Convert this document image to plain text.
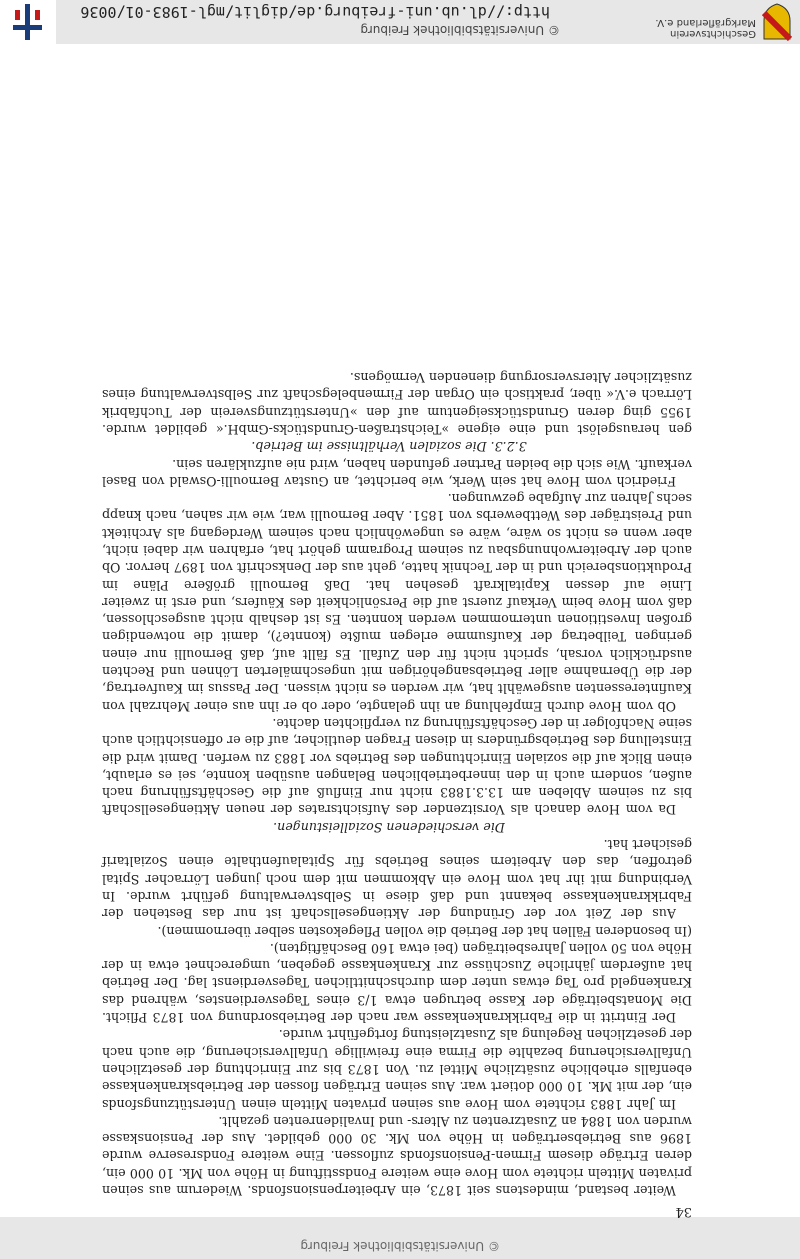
© Universitätsbibliothek Freiburg
34

Weiter bestand, mindestens seit 1873, ein Arbeiterpensionsfonds. Wiederum aus seinen privaten Mitteln richtete vom Hove eine weitere Fondsstiftung in Höhe von Mk. 10 000 ein, deren Erträge diesem Firmen-Pensionsfonds zuflossen. Eine weitere Fondsreserve wurde 1896 aus Betriebserträgen in Höhe von Mk. 30 000 gebildet. Aus der Pensionskasse wurden von 1884 an Zusatzrenten zu Alters- und Invalidenrenten gezahlt.

Im Jahr 1883 richtete vom Hove aus seinen privaten Mitteln einen Unterstützungsfonds ein, der mit Mk. 10 000 dotiert war. Aus seinen Erträgen flossen der Betriebskrankenkasse ebenfalls erhebliche zusätzliche Mittel zu. Von 1873 bis zur Einrichtung der gesetzlichen Unfallversicherung bezahlte die Firma eine freiwillige Unfallversicherung, die auch nach der gesetzlichen Regelung als Zusatzleistung fortgeführt wurde.

Der Eintritt in die Fabrikkrankenkasse war nach der Betriebsordnung von 1873 Pflicht. Die Monatsbeiträge der Kasse betrugen etwa 1/3 eines Tagesverdienstes, während das Krankengeld pro Tag etwas unter dem durchschnittlichen Tagesverdienst lag. Der Betrieb hat außerdem jährliche Zuschüsse zur Krankenkasse gegeben, umgerechnet etwa in der Höhe von 50 vollen Jahresbeiträgen (bei etwa 160 Beschäftigten).

(In besonderen Fällen hat der Betrieb die vollen Pflegekosten selber übernommen).

Aus der Zeit vor der Gründung der Aktiengesellschaft ist nur das Bestehen der Fabrikkrankenkasse bekannt und daß diese in Selbstverwaltung geführt wurde. In Verbindung mit ihr hat vom Hove ein Abkommen mit dem noch jungen Lörracher Spital getroffen, das den Arbeitern seines Betriebs für Spitalaufenthalte einen Sozialtarif gesichert hat.

Die verschiedenen Sozialleistungen.

Da vom Hove danach als Vorsitzender des Aufsichtsrates der neuen Aktiengesellschaft bis zu seinem Ableben am 13.3.1883 nicht nur Einfluß auf die Geschäftsführung nach außen, sondern auch in den innerbetrieblichen Belangen ausüben konnte, sei es erlaubt, einen Blick auf die sozialen Einrichtungen des Betriebs vor 1883 zu werfen. Damit wird die Einstellung des Betriebsgründers in diesen Fragen deutlicher, auf die er offensichtlich auch seine Nachfolger in der Geschäftsführung zu verpflichten dachte.

Ob vom Hove durch Empfehlung an ihn gelangte, oder ob er ihn aus einer Mehrzahl von Kaufinteressenten ausgewählt hat, wir werden es nicht wissen. Der Passus im Kaufvertrag, der die Übernahme aller Betriebsangehörigen mit ungeschmälerten Löhnen und Rechten ausdrücklich vorsah, spricht nicht für den Zufall. Es fällt auf, daß Bernoulli nur einen geringen Teilbetrag der Kaufsumme erlegen mußte (konnte?), damit die notwendigen großen Investitionen unternommen werden konnten. Es ist deshalb nicht ausgeschlossen, daß vom Hove beim Verkauf zuerst auf die Persönlichkeit des Käufers, und erst in zweiter Linie auf dessen Kapitalkraft gesehen hat. Daß Bernoulli größere Pläne im Produktionsbereich und in der Technik hatte, geht aus der Denkschrift von 1897 hervor. Ob auch der Arbeiterwohnungsbau zu seinem Programm gehört hat, erfahren wir dabei nicht, aber wenn es nicht so wäre, wäre es ungewöhnlich nach seinem Werdegang als Architekt und Preisträger des Wettbewerbs von 1851. Aber Bernoulli war, wie wir sahen, nach knapp sechs Jahren zur Aufgabe gezwungen.

Friedrich vom Hove hat sein Werk, wie berichtet, an Gustav Bernoulli-Oswald von Basel verkauft. Wie sich die beiden Partner gefunden haben, wird nie aufzuklären sein.

3.2.3. Die sozialen Verhältnisse im Betrieb.

gen herausgelöst und eine eigene »Teichstraßen-Grundstücks-GmbH.« gebildet wurde. 1955 ging deren Grundstückseigentum auf den »Unterstützungsverein der Tuchfabrik Lörrach e.V.« über, praktisch ein Organ der Firmenbelegschaft zur Selbstverwaltung eines zusätzlicher Altersversorgung dienenden Vermögens.

Geschichtsverein
Markgräflerland e.V.
© Universitätsbibliothek Freiburg
http://dl.ub.uni-freiburg.de/diglit/mgl-1983-01/0036
